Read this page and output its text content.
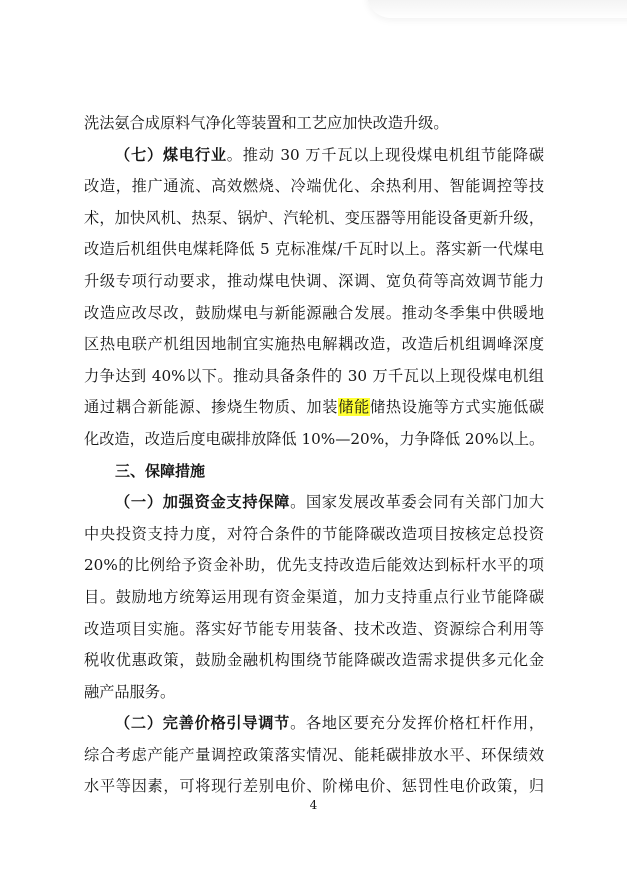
洗法氨合成原料气净化等装置和工艺应加快改造升级。
（七）煤电行业。推动 30 万千瓦以上现役煤电机组节能降碳
改造，推广通流、高效燃烧、冷端优化、余热利用、智能调控等技
术，加快风机、热泵、锅炉、汽轮机、变压器等用能设备更新升级，
改造后机组供电煤耗降低 5 克标准煤/千瓦时以上。落实新一代煤电
升级专项行动要求，推动煤电快调、深调、宽负荷等高效调节能力
改造应改尽改，鼓励煤电与新能源融合发展。推动冬季集中供暖地
区热电联产机组因地制宜实施热电解耦改造，改造后机组调峰深度
力争达到 40%以下。推动具备条件的 30 万千瓦以上现役煤电机组
通过耦合新能源、掺烧生物质、加装储能储热设施等方式实施低碳
化改造，改造后度电碳排放降低 10%—20%，力争降低 20%以上。
三、保障措施
（一）加强资金支持保障。国家发展改革委会同有关部门加大
中央投资支持力度，对符合条件的节能降碳改造项目按核定总投资
20%的比例给予资金补助，优先支持改造后能效达到标杆水平的项
目。鼓励地方统筹运用现有资金渠道，加力支持重点行业节能降碳
改造项目实施。落实好节能专用装备、技术改造、资源综合利用等
税收优惠政策，鼓励金融机构围绕节能降碳改造需求提供多元化金
融产品服务。
（二）完善价格引导调节。各地区要充分发挥价格杠杆作用，
综合考虑产能产量调控政策落实情况、能耗碳排放水平、环保绩效
水平等因素，可将现行差别电价、阶梯电价、惩罚性电价政策，归
4
